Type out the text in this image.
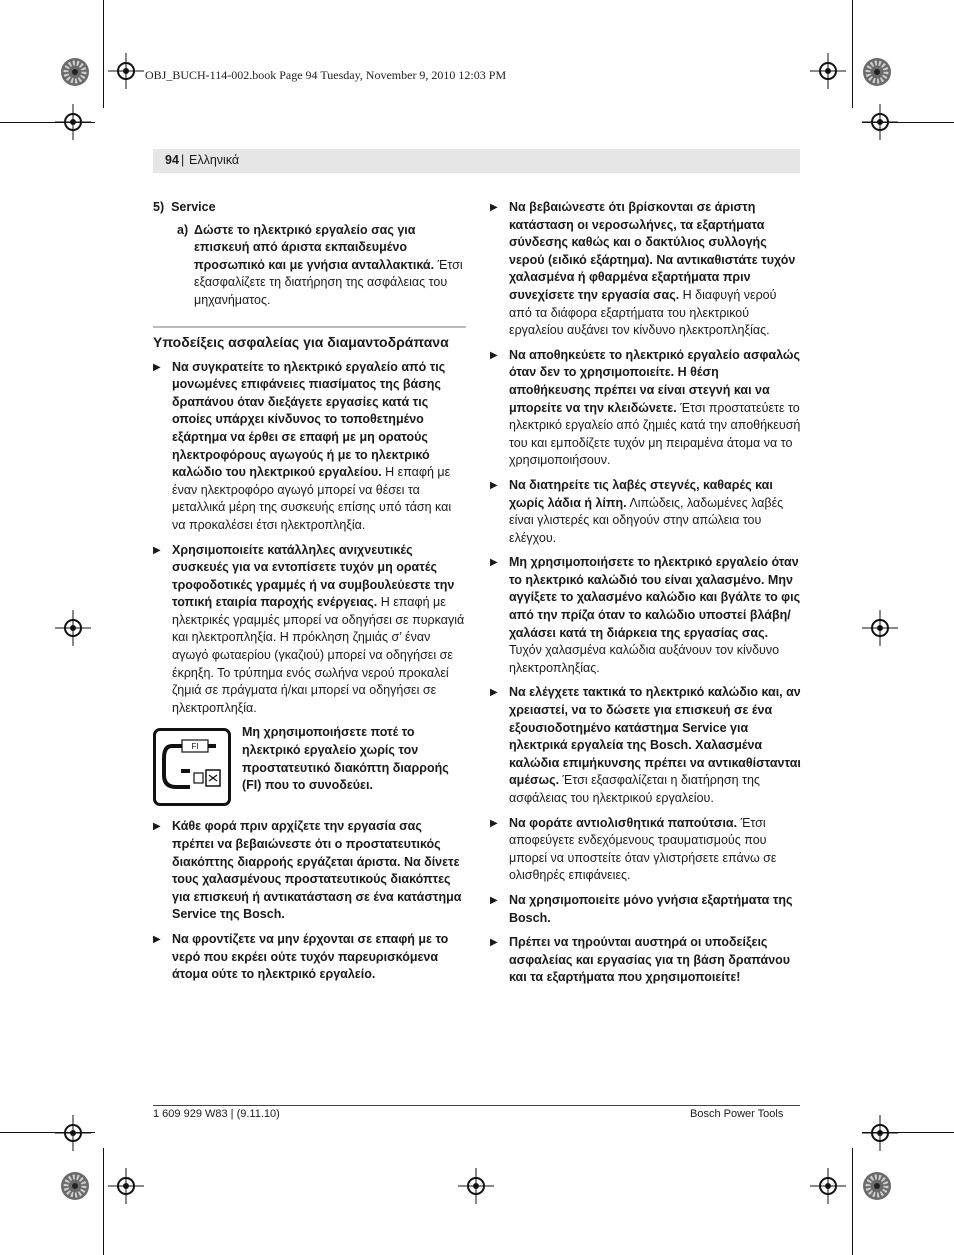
OBJ_BUCH-114-002.book Page 94 Tuesday, November 9, 2010 12:03 PM
94 | Ελληνικά
5) Service
a) Δώστε το ηλεκτρικό εργαλείο σας για επισκευή από άριστα εκπαιδευμένο προσωπικό και με γνήσια ανταλλακτικά. Έτσι εξασφαλίζετε τη διατήρηση της ασφάλειας του μηχανήματος.
Υποδείξεις ασφαλείας για διαμαντοδράπανα
▶ Να συγκρατείτε το ηλεκτρικό εργαλείο από τις μονωμένες επιφάνειες πιασίματος της βάσης δραπάνου όταν διεξάγετε εργασίες κατά τις οποίες υπάρχει κίνδυνος το τοποθετημένο εξάρτημα να έρθει σε επαφή με μη ορατούς ηλεκτροφόρους αγωγούς ή με το ηλεκτρικό καλώδιο του ηλεκτρικού εργαλείου. Η επαφή με έναν ηλεκτροφόρο αγωγό μπορεί να θέσει τα μεταλλικά μέρη της συσκευής επίσης υπό τάση και να προκαλέσει έτσι ηλεκτροπληξία.
▶ Χρησιμοποιείτε κατάλληλες ανιχνευτικές συσκευές για να εντοπίσετε τυχόν μη ορατές τροφοδοτικές γραμμές ή να συμβουλεύεστε την τοπική εταιρία παροχής ενέργειας. Η επαφή με ηλεκτρικές γραμμές μπορεί να οδηγήσει σε πυρκαγιά και ηλεκτροπληξία. Η πρόκληση ζημιάς σ’ έναν αγωγό φωταερίου (γκαζιού) μπορεί να οδηγήσει σε έκρηξη. Το τρύπημα ενός σωλήνα νερού προκαλεί ζημιά σε πράγματα ή/και μπορεί να οδηγήσει σε ηλεκτροπληξία.
FI
Μη χρησιμοποιήσετε ποτέ το ηλεκτρικό εργαλείο χωρίς τον προστατευτικό διακόπτη διαρροής (FI) που το συνοδεύει.
▶ Κάθε φορά πριν αρχίζετε την εργασία σας πρέπει να βεβαιώνεστε ότι ο προστατευτικός διακόπτης διαρροής εργάζεται άριστα. Να δίνετε τους χαλασμένους προστατευτικούς διακόπτες για επισκευή ή αντικατάσταση σε ένα κατάστημα Service της Bosch.
▶ Να φροντίζετε να μην έρχονται σε επαφή με το νερό που εκρέει ούτε τυχόν παρευρισκόμενα άτομα ούτε το ηλεκτρικό εργαλείο.
▶ Να βεβαιώνεστε ότι βρίσκονται σε άριστη κατάσταση οι νεροσωλήνες, τα εξαρτήματα σύνδεσης καθώς και ο δακτύλιος συλλογής νερού (ειδικό εξάρτημα). Να αντικαθιστάτε τυχόν χαλασμένα ή φθαρμένα εξαρτήματα πριν συνεχίσετε την εργασία σας. Η διαφυγή νερού από τα διάφορα εξαρτήματα του ηλεκτρικού εργαλείου αυξάνει τον κίνδυνο ηλεκτροπληξίας.
▶ Να αποθηκεύετε το ηλεκτρικό εργαλείο ασφαλώς όταν δεν το χρησιμοποιείτε. Η θέση αποθήκευσης πρέπει να είναι στεγνή και να μπορείτε να την κλειδώνετε. Έτσι προστατεύετε το ηλεκτρικό εργαλείο από ζημιές κατά την αποθήκευσή του και εμποδίζετε τυχόν μη πειραμένα άτομα να το χρησιμοποιήσουν.
▶ Να διατηρείτε τις λαβές στεγνές, καθαρές και χωρίς λάδια ή λίπη. Λιπώδεις, λαδωμένες λαβές είναι γλιστερές και οδηγούν στην απώλεια του ελέγχου.
▶ Μη χρησιμοποιήσετε το ηλεκτρικό εργαλείο όταν το ηλεκτρικό καλώδιό του είναι χαλασμένο. Μην αγγίξετε το χαλασμένο καλώδιο και βγάλτε το φις από την πρίζα όταν το καλώδιο υποστεί βλάβη/χαλάσει κατά τη διάρκεια της εργασίας σας. Τυχόν χαλασμένα καλώδια αυξάνουν τον κίνδυνο ηλεκτροπληξίας.
▶ Να ελέγχετε τακτικά το ηλεκτρικό καλώδιο και, αν χρειαστεί, να το δώσετε για επισκευή σε ένα εξουσιοδοτημένο κατάστημα Service για ηλεκτρικά εργαλεία της Bosch. Χαλασμένα καλώδια επιμήκυνσης πρέπει να αντικαθίστανται αμέσως. Έτσι εξασφαλίζεται η διατήρηση της ασφάλειας του ηλεκτρικού εργαλείου.
▶ Να φοράτε αντιολισθητικά παπούτσια. Έτσι αποφεύγετε ενδεχόμενους τραυματισμούς που μπορεί να υποστείτε όταν γλιστρήσετε επάνω σε ολισθηρές επιφάνειες.
▶ Να χρησιμοποιείτε μόνο γνήσια εξαρτήματα της Bosch.
▶ Πρέπει να τηρούνται αυστηρά οι υποδείξεις ασφαλείας και εργασίας για τη βάση δραπάνου και τα εξαρτήματα που χρησιμοποιείτε!
1 609 929 W83 | (9.11.10)	Bosch Power Tools
